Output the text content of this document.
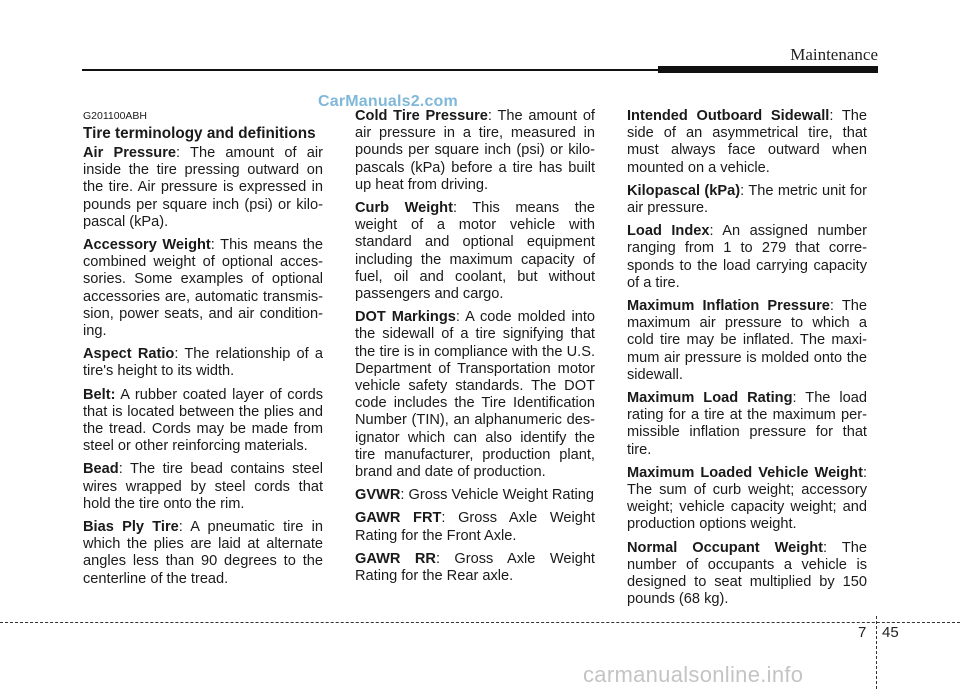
Maintenance
CarManuals2.com
G201100ABH
Tire terminology and definitions

Air Pressure: The amount of air inside the tire pressing outward on the tire. Air pressure is expressed in pounds per square inch (psi) or kilo-pascal (kPa).

Accessory Weight: This means the combined weight of optional acces-sories. Some examples of optional accessories are, automatic transmis-sion, power seats, and air condition-ing.

Aspect Ratio: The relationship of a tire's height to its width.

Belt: A rubber coated layer of cords that is located between the plies and the tread. Cords may be made from steel or other reinforcing materials.

Bead: The tire bead contains steel wires wrapped by steel cords that hold the tire onto the rim.

Bias Ply Tire: A pneumatic tire in which the plies are laid at alternate angles less than 90 degrees to the centerline of the tread.

Cold Tire Pressure: The amount of air pressure in a tire, measured in pounds per square inch (psi) or kilo-pascals (kPa) before a tire has built up heat from driving.

Curb Weight: This means the weight of a motor vehicle with standard and optional equipment including the maximum capacity of fuel, oil and coolant, but without passengers and cargo.

DOT Markings: A code molded into the sidewall of a tire signifying that the tire is in compliance with the U.S. Department of Transportation motor vehicle safety standards. The DOT code includes the Tire Identification Number (TIN), an alphanumeric des-ignator which can also identify the tire manufacturer, production plant, brand and date of production.

GVWR: Gross Vehicle Weight Rating

GAWR FRT: Gross Axle Weight Rating for the Front Axle.

GAWR RR: Gross Axle Weight Rating for the Rear axle.

Intended Outboard Sidewall: The side of an asymmetrical tire, that must always face outward when mounted on a vehicle.

Kilopascal (kPa): The metric unit for air pressure.

Load Index: An assigned number ranging from 1 to 279 that corre-sponds to the load carrying capacity of a tire.

Maximum Inflation Pressure: The maximum air pressure to which a cold tire may be inflated. The maxi-mum air pressure is molded onto the sidewall.

Maximum Load Rating: The load rating for a tire at the maximum per-missible inflation pressure for that tire.

Maximum Loaded Vehicle Weight: The sum of curb weight; accessory weight; vehicle capacity weight; and production options weight.

Normal Occupant Weight: The number of occupants a vehicle is designed to seat multiplied by 150 pounds (68 kg).

7 45
carmanualsonline.info
